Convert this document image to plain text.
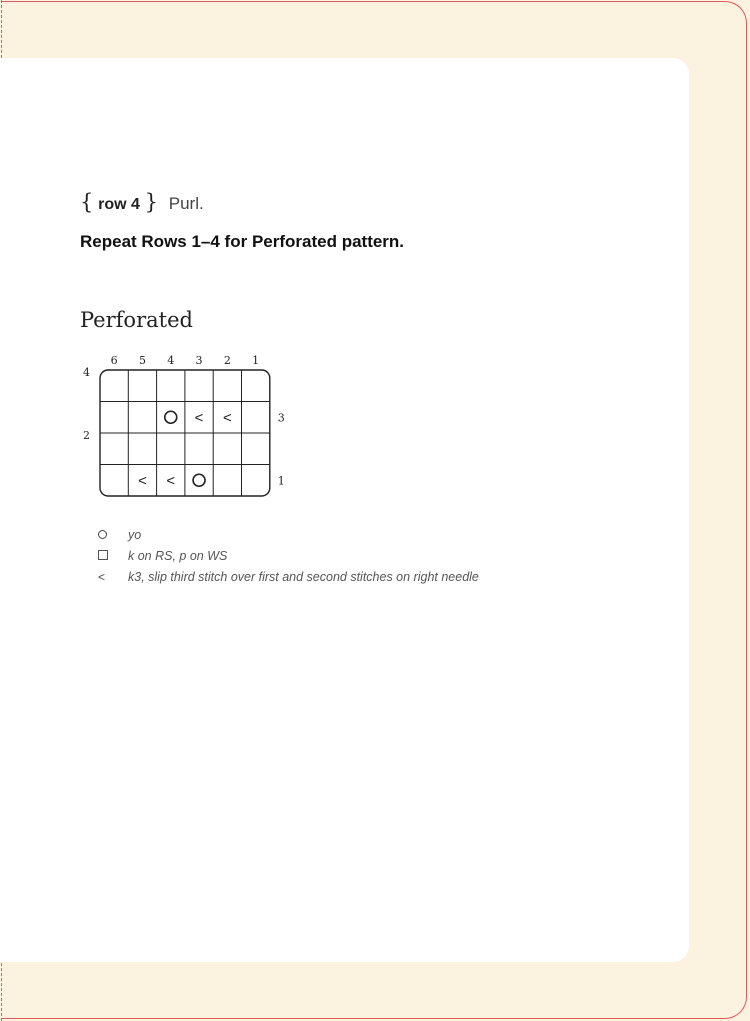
{ row 4 } Purl.
Repeat Rows 1–4 for Perforated pattern.
Perforated
6 5 4 3 2 1
4
3
< <
2
1
< <
yo
k on RS, p on WS
<	k3, slip third stitch over first and second stitches on right needle
